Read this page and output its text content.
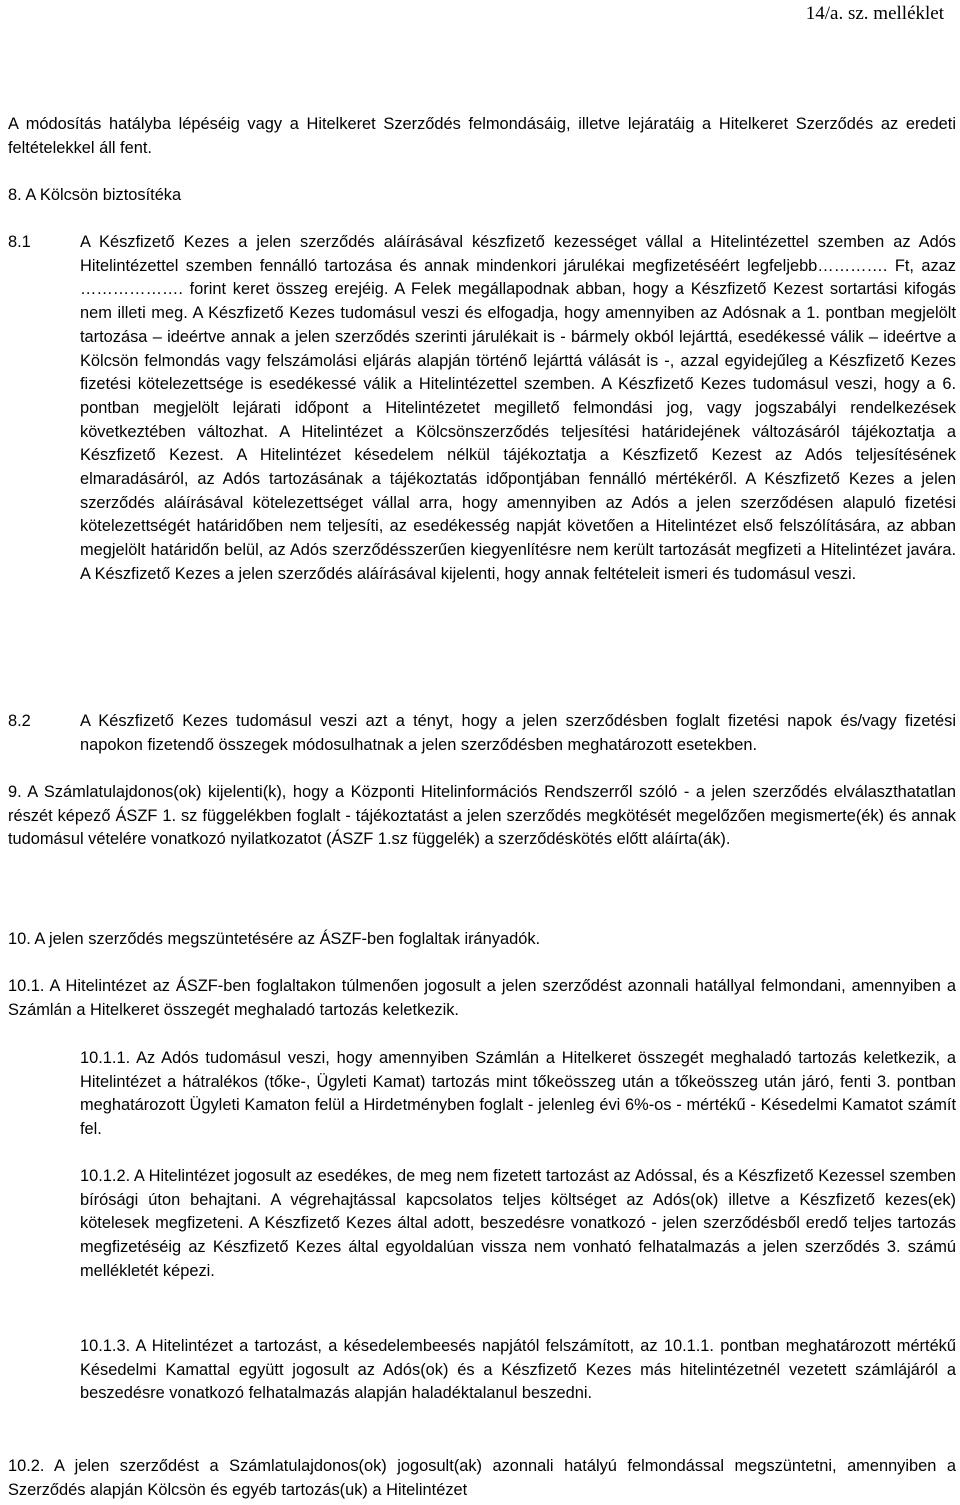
14/a. sz. melléklet
A módosítás hatályba lépéséig vagy a Hitelkeret Szerződés felmondásáig, illetve lejáratáig a Hitelkeret Szerződés az eredeti feltételekkel áll fent.
8. A Kölcsön biztosítéka
8.1	A Készfizető Kezes a jelen szerződés aláírásával készfizető kezességet vállal a Hitelintézettel szemben az Adós Hitelintézettel szemben fennálló tartozása és annak mindenkori járulékai megfizetéséért legfeljebb…………. Ft, azaz ………………. forint keret összeg erejéig. A Felek megállapodnak abban, hogy a Készfizető Kezest sortartási kifogás nem illeti meg. A Készfizető Kezes tudomásul veszi és elfogadja, hogy amennyiben az Adósnak a 1. pontban megjelölt tartozása – ideértve annak a jelen szerződés szerinti járulékait is - bármely okból lejárttá, esedékessé válik – ideértve a Kölcsön felmondás vagy felszámolási eljárás alapján történő lejárttá válását is -, azzal egyidejűleg a Készfizető Kezes fizetési kötelezettsége is esedékessé válik a Hitelintézettel szemben. A Készfizető Kezes tudomásul veszi, hogy a 6. pontban megjelölt lejárati időpont a Hitelintézetet megillető felmondási jog, vagy jogszabályi rendelkezések következtében változhat. A Hitelintézet a Kölcsönszerződés teljesítési határidejének változásáról tájékoztatja a Készfizető Kezest. A Hitelintézet késedelem nélkül tájékoztatja a Készfizető Kezest az Adós teljesítésének elmaradásáról, az Adós tartozásának a tájékoztatás időpontjában fennálló mértékéről. A Készfizető Kezes a jelen szerződés aláírásával kötelezettséget vállal arra, hogy amennyiben az Adós a jelen szerződésen alapuló fizetési kötelezettségét határidőben nem teljesíti, az esedékesség napját követően a Hitelintézet első felszólítására, az abban megjelölt határidőn belül, az Adós szerződésszerűen kiegyenlítésre nem került tartozását megfizeti a Hitelintézet javára. A Készfizető Kezes a jelen szerződés aláírásával kijelenti, hogy annak feltételeit ismeri és tudomásul veszi.
8.2	A Készfizető Kezes tudomásul veszi azt a tényt, hogy a jelen szerződésben foglalt fizetési napok és/vagy fizetési napokon fizetendő összegek módosulhatnak a jelen szerződésben meghatározott esetekben.
9. A Számlatulajdonos(ok) kijelenti(k), hogy a Központi Hitelinformációs Rendszerről szóló - a jelen szerződés elválaszthatatlan részét képező ÁSZF 1. sz függelékben foglalt - tájékoztatást a jelen szerződés megkötését megelőzően megismerte(ék) és annak tudomásul vételére vonatkozó nyilatkozatot (ÁSZF 1.sz függelék) a szerződéskötés előtt aláírta(ák).
10. A jelen szerződés megszüntetésére az ÁSZF-ben foglaltak irányadók.
10.1. A Hitelintézet az ÁSZF-ben foglaltakon túlmenően jogosult a jelen szerződést azonnali hatállyal felmondani, amennyiben a Számlán a Hitelkeret összegét meghaladó tartozás keletkezik.
10.1.1. Az Adós tudomásul veszi, hogy amennyiben Számlán a Hitelkeret összegét meghaladó tartozás keletkezik, a Hitelintézet a hátralékos (tőke-, Ügyleti Kamat) tartozás mint tőkeösszeg után a tőkeösszeg után járó, fenti 3. pontban meghatározott Ügyleti Kamaton felül a Hirdetményben foglalt - jelenleg évi 6%-os - mértékű - Késedelmi Kamatot számít fel.
10.1.2. A Hitelintézet jogosult az esedékes, de meg nem fizetett tartozást az Adóssal, és a Készfizető Kezessel szemben bírósági úton behajtani. A végrehajtással kapcsolatos teljes költséget az Adós(ok) illetve a Készfizető kezes(ek) kötelesek megfizeteni. A Készfizető Kezes által adott, beszedésre vonatkozó - jelen szerződésből eredő teljes tartozás megfizetéséig az Készfizető Kezes által egyoldalúan vissza nem vonható felhatalmazás a jelen szerződés 3. számú mellékletét képezi.
10.1.3. A Hitelintézet a tartozást, a késedelembeesés napjától felszámított, az 10.1.1. pontban meghatározott mértékű Késedelmi Kamattal együtt jogosult az Adós(ok) és a Készfizető Kezes más hitelintézetnél vezetett számlájáról a beszedésre vonatkozó felhatalmazás alapján haladéktalanul beszedni.
10.2. A jelen szerződést a Számlatulajdonos(ok) jogosult(ak) azonnali hatályú felmondással megszüntetni, amennyiben a Szerződés alapján Kölcsön és egyéb tartozás(uk) a Hitelintézet
